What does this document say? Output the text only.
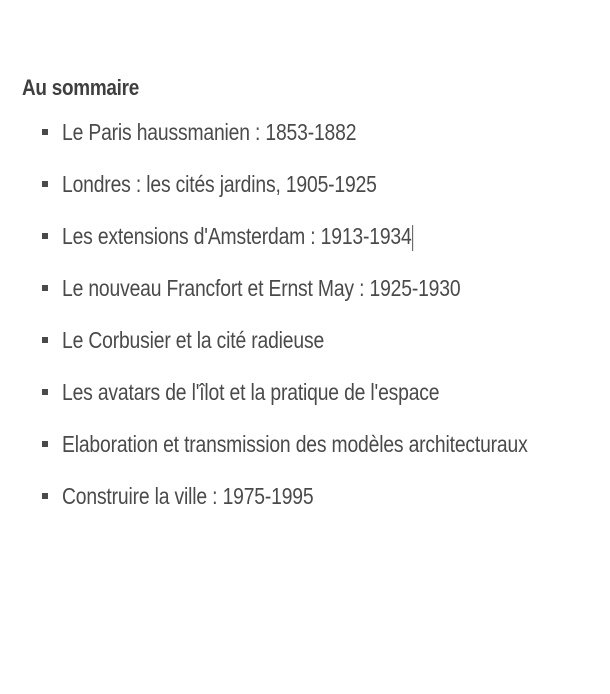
Au sommaire
Le Paris haussmanien : 1853-1882
Londres : les cités jardins, 1905-1925
Les extensions d'Amsterdam : 1913-1934
Le nouveau Francfort et Ernst May : 1925-1930
Le Corbusier et la cité radieuse
Les avatars de l'îlot et la pratique de l'espace
Elaboration et transmission des modèles architecturaux
Construire la ville : 1975-1995
